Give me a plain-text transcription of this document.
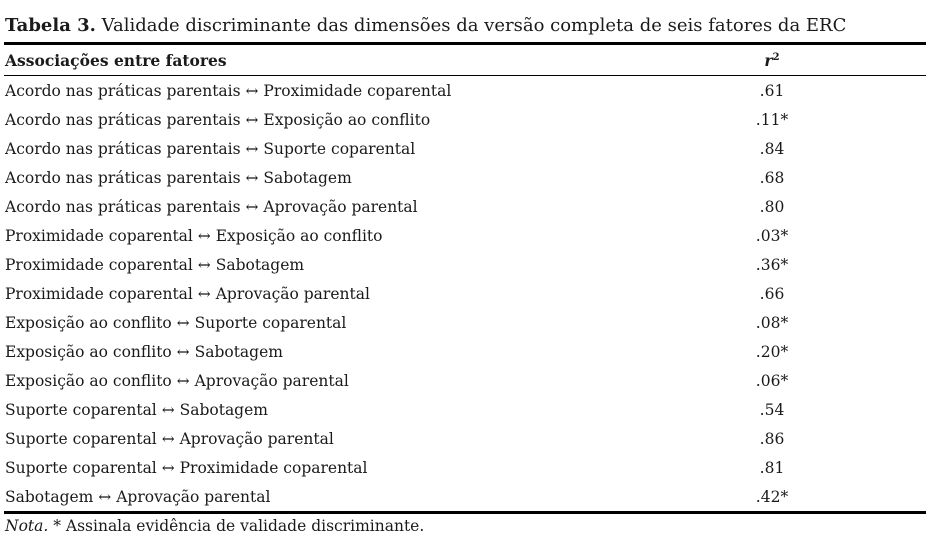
Tabela 3. Validade discriminante das dimensões da versão completa de seis fatores da ERC
Associações entre fatores	$r^2$
Acordo nas práticas parentais ↔ Proximidade coparental	.61
Acordo nas práticas parentais ↔ Exposição ao conflito	.11*
Acordo nas práticas parentais ↔ Suporte coparental	.84
Acordo nas práticas parentais ↔ Sabotagem	.68
Acordo nas práticas parentais ↔ Aprovação parental	.80
Proximidade coparental ↔ Exposição ao conflito	.03*
Proximidade coparental ↔ Sabotagem	.36*
Proximidade coparental ↔ Aprovação parental	.66
Exposição ao conflito ↔ Suporte coparental	.08*
Exposição ao conflito ↔ Sabotagem	.20*
Exposição ao conflito ↔ Aprovação parental	.06*
Suporte coparental ↔ Sabotagem	.54
Suporte coparental ↔ Aprovação parental	.86
Suporte coparental ↔ Proximidade coparental	.81
Sabotagem ↔ Aprovação parental	.42*
Nota. * Assinala evidência de validade discriminante.
